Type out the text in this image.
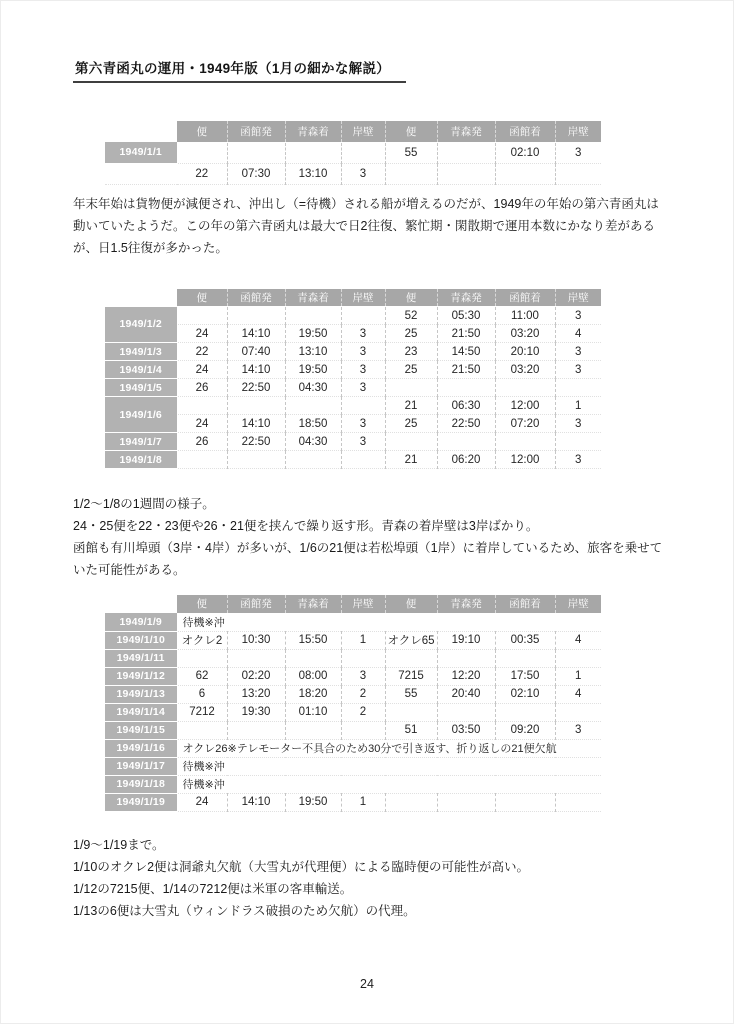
第六青函丸の運用・1949年版（1月の細かな解説）
	便	函館発	青森着	岸壁	便	青森発	函館着	岸壁
1949/1/1					55		02:10	3
	22	07:30	13:10	3				

年末年始は貨物便が減便され、沖出し（=待機）される船が増えるのだが、1949年の年始の第六青函丸は動いていたようだ。この年の第六青函丸は最大で日2往復、繁忙期・閑散期で運用本数にかなり差があるが、日1.5往復が多かった。

	便	函館発	青森着	岸壁	便	青森発	函館着	岸壁
1949/1/2					52	05:30	11:00	3
	24	14:10	19:50	3	25	21:50	03:20	4
1949/1/3	22	07:40	13:10	3	23	14:50	20:10	3
1949/1/4	24	14:10	19:50	3	25	21:50	03:20	3
1949/1/5	26	22:50	04:30	3				
1949/1/6					21	06:30	12:00	1
	24	14:10	18:50	3	25	22:50	07:20	3
1949/1/7	26	22:50	04:30	3				
1949/1/8					21	06:20	12:00	3
1/2〜1/8の1週間の様子。
24・25便を22・23便や26・21便を挟んで繰り返す形。青森の着岸壁は3岸ばかり。
函館も有川埠頭（3岸・4岸）が多いが、1/6の21便は若松埠頭（1岸）に着岸しているため、旅客を乗せていた可能性がある。
	便	函館発	青森着	岸壁	便	青森発	函館着	岸壁
1949/1/9	待機※沖							
1949/1/10	オクレ2	10:30	15:50	1	オクレ65	19:10	00:35	4
1949/1/11								
1949/1/12	62	02:20	08:00	3	7215	12:20	17:50	1
1949/1/13	6	13:20	18:20	2	55	20:40	02:10	4
1949/1/14	7212	19:30	01:10	2				
1949/1/15					51	03:50	09:20	3
1949/1/16	オクレ26※テレモーター不具合のため30分で引き返す、折り返しの21便欠航							
1949/1/17	待機※沖							
1949/1/18	待機※沖							
1949/1/19	24	14:10	19:50	1				
1/9〜1/19まで。
1/10のオクレ2便は洞爺丸欠航（大雪丸が代理便）による臨時便の可能性が高い。
1/12の7215便、1/14の7212便は米軍の客車輸送。
1/13の6便は大雪丸（ウィンドラス破損のため欠航）の代理。
24
